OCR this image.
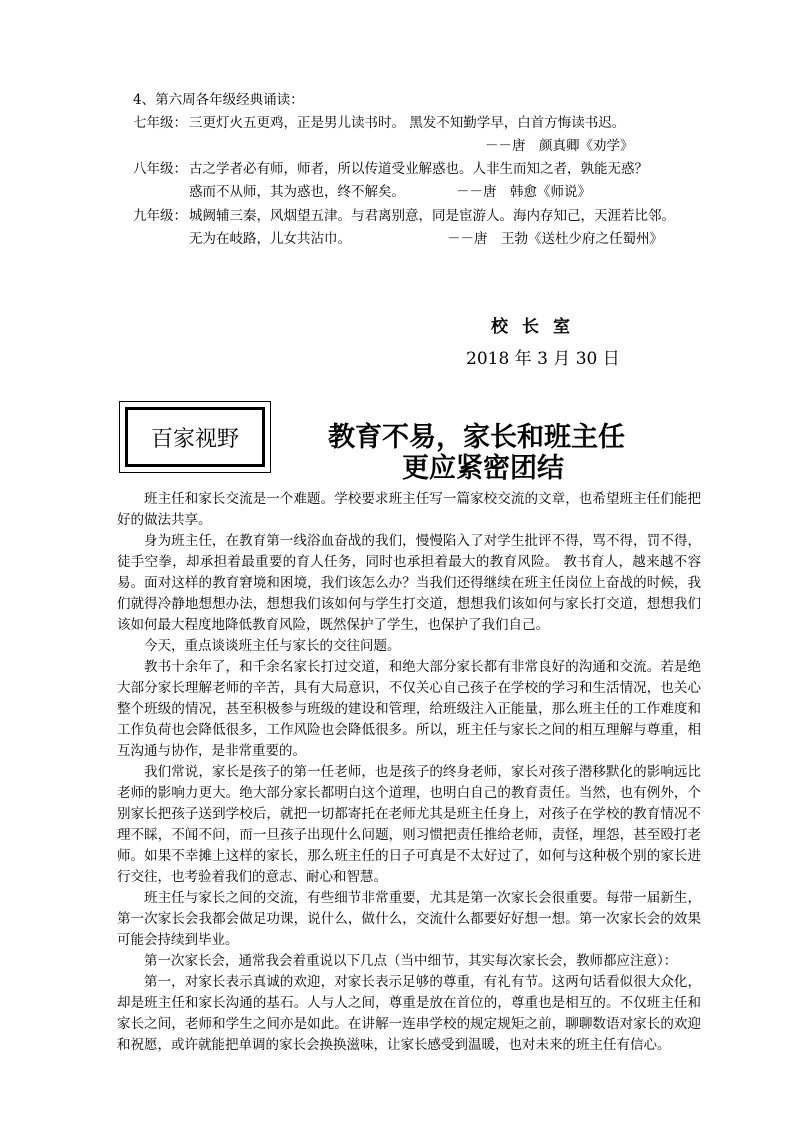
4、第六周各年级经典诵读：
七年级： 三更灯火五更鸡，正是男儿读书时。 黑发不知勤学早，白首方悔读书迟。
－－唐　颜真卿《劝学》
八年级： 古之学者必有师，师者，所以传道受业解惑也。人非生而知之者，孰能无惑？
惑而不从师，其为惑也，终不解矣。	－－唐　韩愈《师说》
九年级： 城阙辅三秦，风烟望五津。与君离别意，同是宦游人。海内存知己，天涯若比邻。
无为在岐路，儿女共沾巾。	－－唐　王勃《送杜少府之任蜀州》
校长室
2018 年 3 月 30 日
百家视野	教育不易，家长和班主任
更应紧密团结

班主任和家长交流是一个难题。学校要求班主任写一篇家校交流的文章，也希望班主任们能把好的做法共享。

身为班主任，在教育第一线浴血奋战的我们，慢慢陷入了对学生批评不得，骂不得，罚不得，徒手空拳，却承担着最重要的育人任务，同时也承担着最大的教育风险。 教书育人，越来越不容易。面对这样的教育窘境和困境，我们该怎么办？当我们还得继续在班主任岗位上奋战的时候，我们就得冷静地想想办法，想想我们该如何与学生打交道，想想我们该如何与家长打交道，想想我们该如何最大程度地降低教育风险，既然保护了学生，也保护了我们自己。

今天，重点谈谈班主任与家长的交往问题。

教书十余年了，和千余名家长打过交道，和绝大部分家长都有非常良好的沟通和交流。若是绝大部分家长理解老师的辛苦，具有大局意识，不仅关心自己孩子在学校的学习和生活情况，也关心整个班级的情况，甚至积极参与班级的建设和管理，给班级注入正能量，那么班主任的工作难度和工作负荷也会降低很多，工作风险也会降低很多。所以，班主任与家长之间的相互理解与尊重，相互沟通与协作，是非常重要的。

我们常说，家长是孩子的第一任老师，也是孩子的终身老师，家长对孩子潜移默化的影响远比老师的影响力更大。绝大部分家长都明白这个道理，也明白自己的教育责任。当然，也有例外，个别家长把孩子送到学校后，就把一切都寄托在老师尤其是班主任身上，对孩子在学校的教育情况不理不睬，不闻不问，而一旦孩子出现什么问题，则习惯把责任推给老师，责怪，埋怨，甚至殴打老师。如果不幸摊上这样的家长，那么班主任的日子可真是不太好过了，如何与这种极个别的家长进行交往，也考验着我们的意志、耐心和智慧。

班主任与家长之间的交流，有些细节非常重要，尤其是第一次家长会很重要。每带一届新生，第一次家长会我都会做足功课，说什么，做什么，交流什么都要好好想一想。第一次家长会的效果可能会持续到毕业。

第一次家长会，通常我会着重说以下几点（当中细节，其实每次家长会，教师都应注意）：

第一，对家长表示真诚的欢迎，对家长表示足够的尊重，有礼有节。这两句话看似很大众化，却是班主任和家长沟通的基石。人与人之间，尊重是放在首位的，尊重也是相互的。不仅班主任和家长之间，老师和学生之间亦是如此。在讲解一连串学校的规定规矩之前，聊聊数语对家长的欢迎和祝愿，或许就能把单调的家长会换换滋味，让家长感受到温暖，也对未来的班主任有信心。
